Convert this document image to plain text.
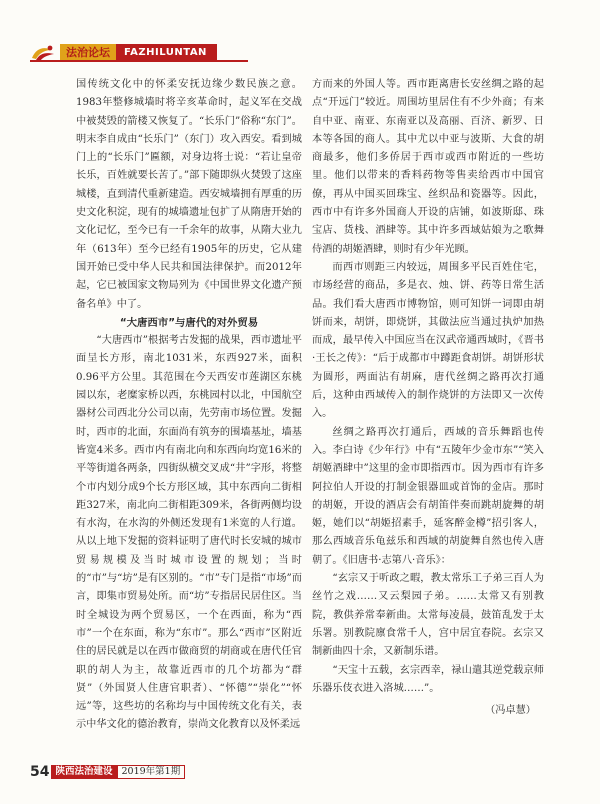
法治论坛	FAZHILUNTAN

国传统文化中的怀柔安抚边缘少数民族之意。1983年整修城墙时将辛亥革命时，起义军在交战中被焚毁的箭楼又恢复了。“长乐门”俗称“东门”。明末李自成由“长乐门”（东门）攻入西安。看到城门上的“长乐门”匾额，对身边将士说：“若让皇帝长乐，百姓就要长苦了。”部下随即纵火焚毁了这座城楼，直到清代重新建造。西安城墙拥有厚重的历史文化积淀，现有的城墙遗址包扩了从隋唐开始的文化记忆，至今已有一千余年的故事，从隋大业九年（613年）至今已经有1905年的历史，它从建国开始已受中华人民共和国法律保护。而2012年起，它已被国家文物局列为《中国世界文化遗产预备名单》中了。

“大唐西市”与唐代的对外贸易

“大唐西市”根据考古发掘的战果，西市遗址平面呈长方形，南北1031米，东西927米，面积0.96平方公里。其范围在今天西安市莲湖区东桃园以东，老糜家桥以西，东桃园村以北，中国航空器材公司西北分公司以南，先劳南市场位置。发掘时，西市的北面，东面尚有筑夯的围墙基址，墙基皆宽4米多。西市内有南北向和东西向均宽16米的平等街道各两条，四街纵横交叉成“井”字形，将整个市内划分成9个长方形区域，其中东西向二街相距327米，南北向二街相距309米，各街两侧均设有水沟，在水沟的外侧还发现有1米宽的人行道。从以上地下发掘的资料证明了唐代时长安城的城市贸易规模及当时城市设置的规划；当时的“市”与“坊”是有区别的。“市”专门是指“市场”而言，即集市贸易处所。而“坊”专指居民居住区。当时全城设为两个贸易区，一个在西面，称为“西市”一个在东面，称为“东市”。那么“西市”区附近住的居民就是以在西市做商贸的胡商或在唐代任官职的胡人为主，故靠近西市的几个坊都为“群贤”（外国贤人住唐官职者）、“怀德”“崇化”“怀远”等，这些坊的名称均与中国传统文化有关，表示中华文化的德治教育，崇尚文化教育以及怀柔远

方而来的外国人等。西市距离唐长安丝绸之路的起点“开远门”较近。周围坊里居住有不少外商；有来自中亚、南亚、东南亚以及高丽、百济、新罗、日本等各国的商人。其中尤以中亚与波斯、大食的胡商最多，他们多侨居于西市或西市附近的一些坊里。他们以带来的香料药物等售卖给西市中国官僚，再从中国买回珠宝、丝织品和瓷器等。因此，西市中有许多外国商人开设的店铺，如波斯邸、珠宝店、货栈、酒肆等。其中许多西域姑娘为之歌舞侍酒的胡姬酒肆，则时有少年光顾。

而西市则距三内较远，周围多平民百姓住宅，市场经营的商品，多是衣、烛、饼、药等日常生活品。我们看大唐西市博物馆，则可知饼一词即由胡饼而来，胡饼，即烧饼，其做法应当通过执炉加热而成，最早传入中国应当在汉武帝通西域时，《晋书·王长之传》：“后于成都市中蹲距食胡饼。胡饼形状为圆形，两面沾有胡麻，唐代丝绸之路再次打通后，这种由西域传入的制作烧饼的方法即又一次传入。

丝绸之路再次打通后，西域的音乐舞蹈也传入。李白诗《少年行》中有“五陵年少金市东”“笑入胡姬酒肆中”这里的金市即指西市。因为西市有许多阿拉伯人开设的打制金银器皿或首饰的金店。那时的胡姬，开设的酒店会有胡笛伴奏而跳胡旋舞的胡姬，她们以“胡姬招素手，延客醉金樽”招引客人，那么西域音乐龟兹乐和西域的胡旋舞自然也传入唐朝了。《旧唐书·志第八·音乐》：

“玄宗又于听政之暇，教太常乐工子弟三百人为丝竹之戏……又云梨园子弟。……太常又有别教院，教供养常奉新曲。太常每凌晨，鼓笛乱发于太乐署。别教院廪食常千人，宫中居宜春院。玄宗又制新曲四十余，又新制乐谱。

“天宝十五载，玄宗西幸，禄山遣其逆党载京师乐器乐伎衣进入洛城……”。

（冯卓慧）

54 陕西法治建设 2019年第1期
